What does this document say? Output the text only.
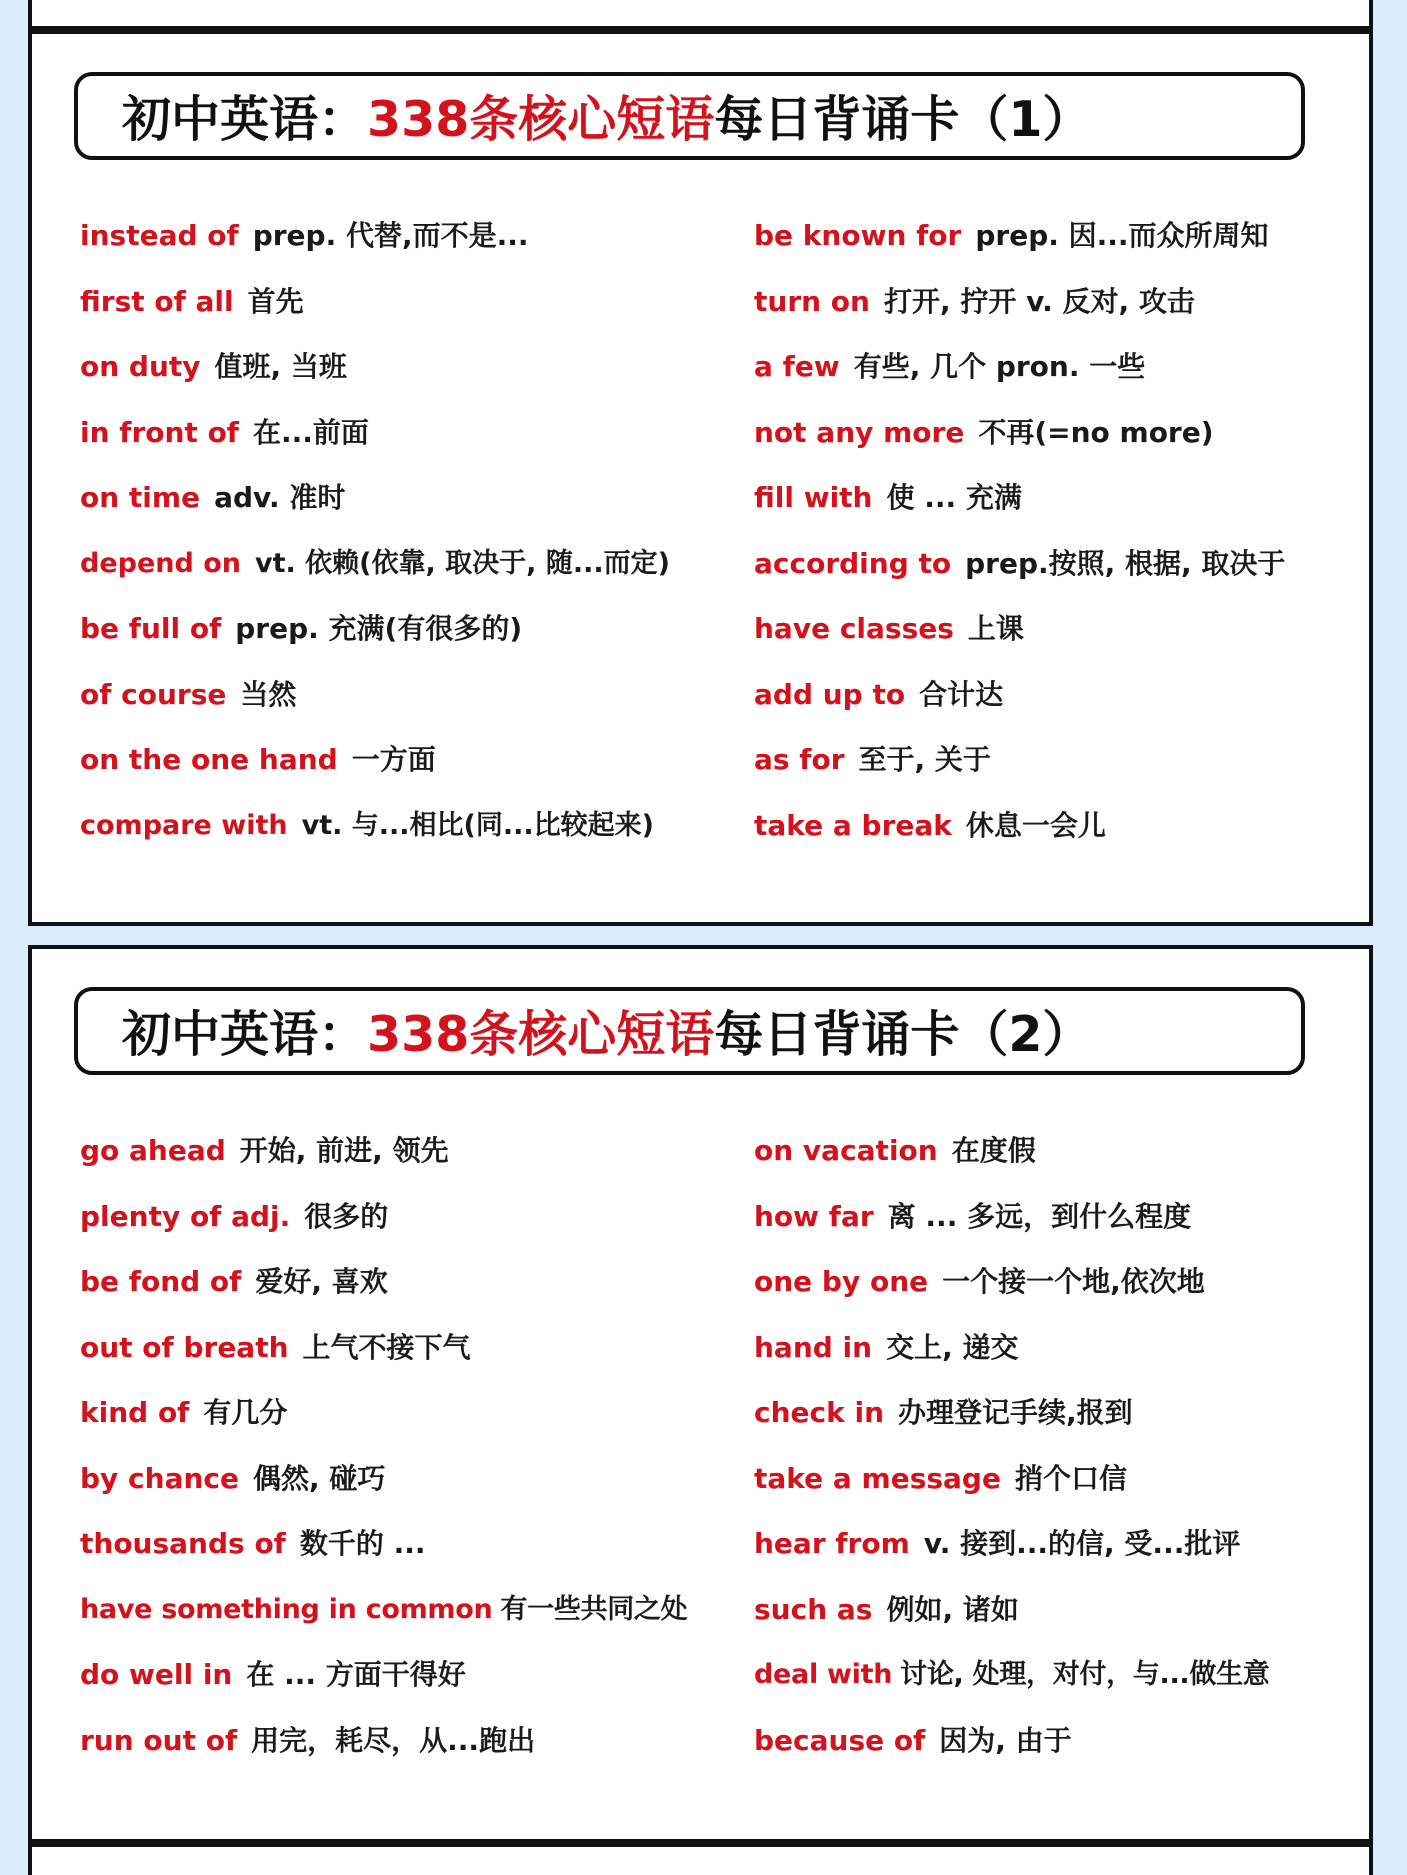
初中英语： 338条核心短语 每日背诵卡（1）
instead of prep. 代替,而不是...
first of all 首先
on duty 值班, 当班
in front of 在...前面
on time adv. 准时
depend on vt. 依赖(依靠, 取决于, 随...而定)
be full of prep. 充满(有很多的)
of course 当然
on the one hand 一方面
compare with vt. 与...相比(同...比较起来)
be known for prep. 因...而众所周知
turn on 打开, 拧开 v. 反对, 攻击
a few 有些, 几个 pron. 一些
not any more 不再(=no more)
fill with 使 ... 充满
according to prep.按照, 根据, 取决于
have classes 上课
add up to 合计达
as for 至于, 关于
take a break 休息一会儿
初中英语： 338条核心短语 每日背诵卡（2）
go ahead 开始, 前进, 领先
plenty of adj. 很多的
be fond of 爱好, 喜欢
out of breath 上气不接下气
kind of 有几分
by chance 偶然, 碰巧
thousands of 数千的 ...
have something in common 有一些共同之处
do well in 在 ... 方面干得好
run out of 用完，耗尽，从...跑出
on vacation 在度假
how far 离 ... 多远，到什么程度
one by one 一个接一个地,依次地
hand in 交上, 递交
check in 办理登记手续,报到
take a message 捎个口信
hear from v. 接到...的信, 受...批评
such as 例如, 诸如
deal with 讨论, 处理，对付，与...做生意
because of 因为, 由于
